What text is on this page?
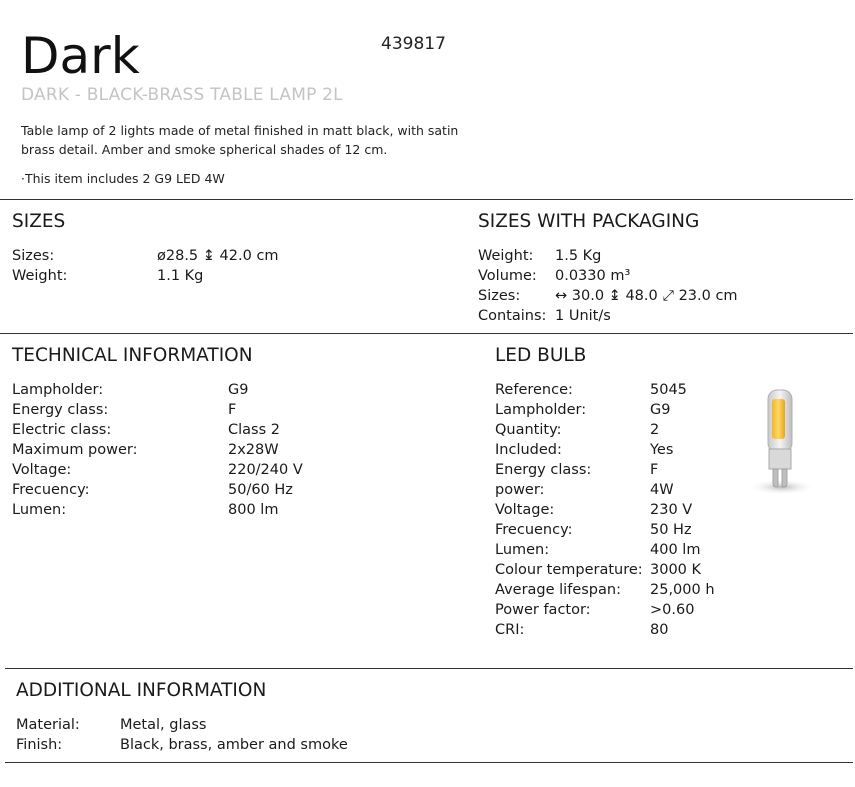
Dark	439817
DARK - BLACK-BRASS TABLE LAMP 2L
Table lamp of 2 lights made of metal finished in matt black, with satin brass detail. Amber and smoke spherical shades of 12 cm.
·This item includes 2 G9 LED 4W
SIZES
Sizes:	ø28.5 ↨ 42.0 cm
Weight:	1.1 Kg
SIZES WITH PACKAGING
Weight: 1.5 Kg
Volume: 0.0330 m³
Sizes: ↔ 30.0 ↨ 48.0 ⤢ 23.0 cm
Contains: 1 Unit/s
TECHNICAL INFORMATION
Lampholder:	G9
Energy class:	F
Electric class:	Class 2
Maximum power:	2x28W
Voltage:	220/240 V
Frecuency:	50/60 Hz
Lumen:	800 lm
LED BULB
Reference:	5045
Lampholder:	G9
Quantity:	2
Included:	Yes
Energy class:	F
power:	4W
Voltage:	230 V
Frecuency:	50 Hz
Lumen:	400 lm
Colour temperature: 3000 K
Average lifespan: 25,000 h
Power factor:	>0.60
CRI:	80
ADDITIONAL INFORMATION
Material:	Metal, glass
Finish:	Black, brass, amber and smoke
